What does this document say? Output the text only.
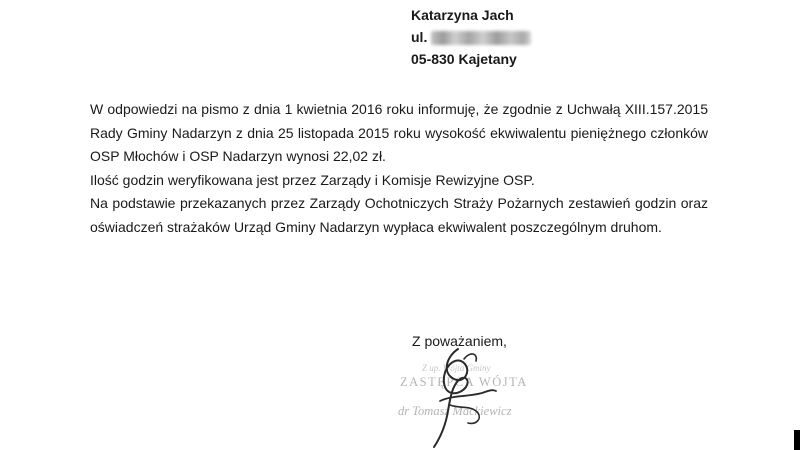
Katarzyna Jach
ul.
05-830 Kajetany

W odpowiedzi na pismo z dnia 1 kwietnia 2016 roku informuję, że zgodnie z Uchwałą XIII.157.2015 Rady Gminy Nadarzyn z dnia 25 listopada 2015 roku wysokość ekwiwalentu pieniężnego członków OSP Młochów i OSP Nadarzyn wynosi 22,02 zł.

Ilość godzin weryfikowana jest przez Zarządy i Komisje Rewizyjne OSP.

Na podstawie przekazanych przez Zarządy Ochotniczych Straży Pożarnych zestawień godzin oraz oświadczeń strażaków Urząd Gminy Nadarzyn wypłaca ekwiwalent poszczególnym druhom.

Z poważaniem,
Z up. Wójta Gminy
ZASTĘPCA WÓJTA
dr Tomasz Mackiewicz
